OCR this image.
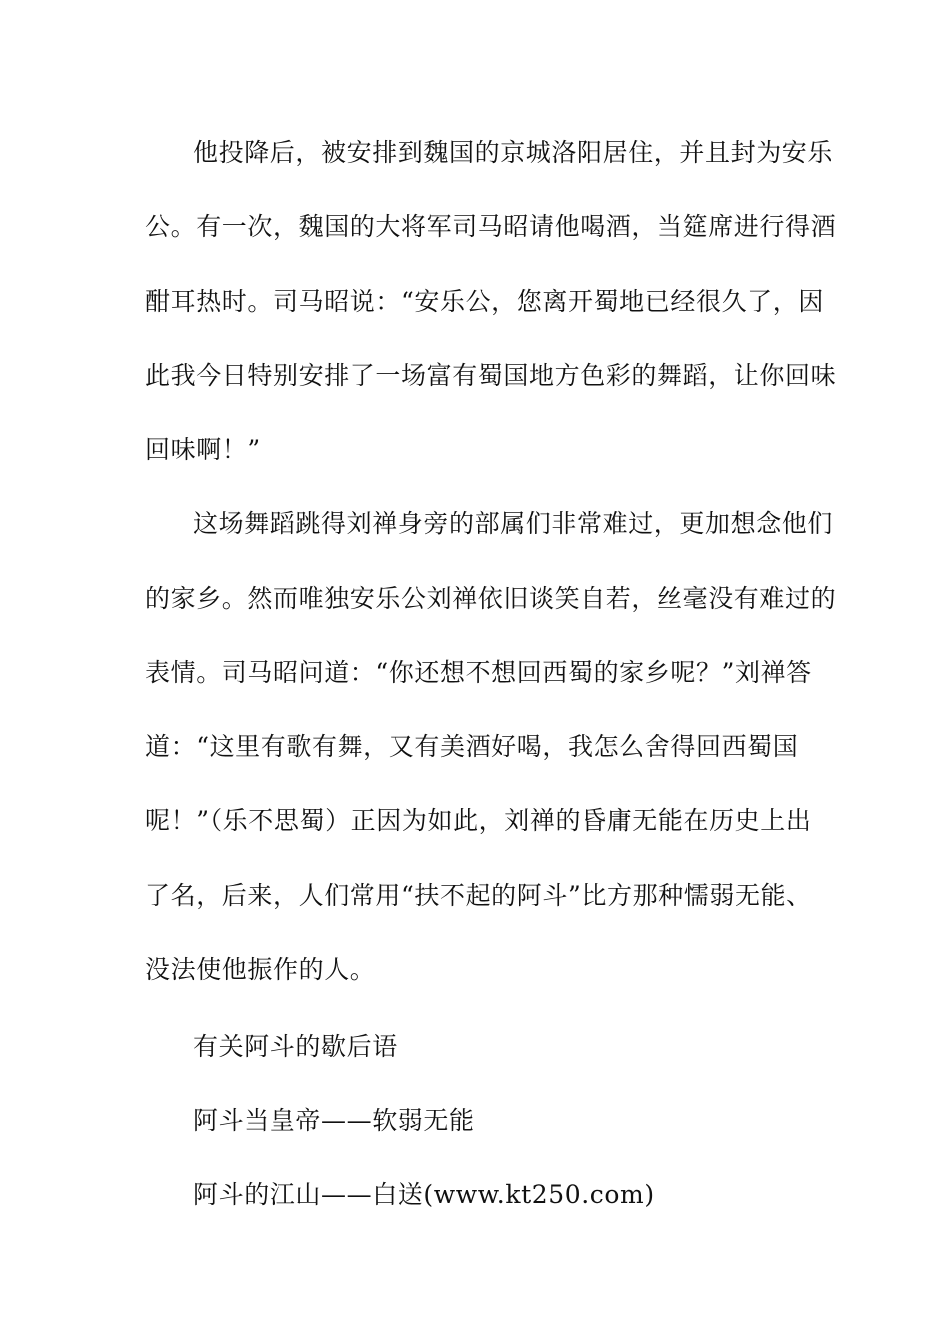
他投降后，被安排到魏国的京城洛阳居住，并且封为安乐
公。有一次，魏国的大将军司马昭请他喝酒，当筵席进行得酒
酣耳热时。司马昭说：“安乐公，您离开蜀地已经很久了，因
此我今日特别安排了一场富有蜀国地方色彩的舞蹈，让你回味
回味啊！”
这场舞蹈跳得刘禅身旁的部属们非常难过，更加想念他们
的家乡。然而唯独安乐公刘禅依旧谈笑自若，丝毫没有难过的
表情。司马昭问道：“你还想不想回西蜀的家乡呢？”刘禅答
道：“这里有歌有舞，又有美酒好喝，我怎么舍得回西蜀国
呢！”（乐不思蜀）正因为如此，刘禅的昏庸无能在历史上出
了名，后来，人们常用“扶不起的阿斗”比方那种懦弱无能、
没法使他振作的人。
有关阿斗的歇后语
阿斗当皇帝——软弱无能
阿斗的江山——白送(www.kt250.com)
